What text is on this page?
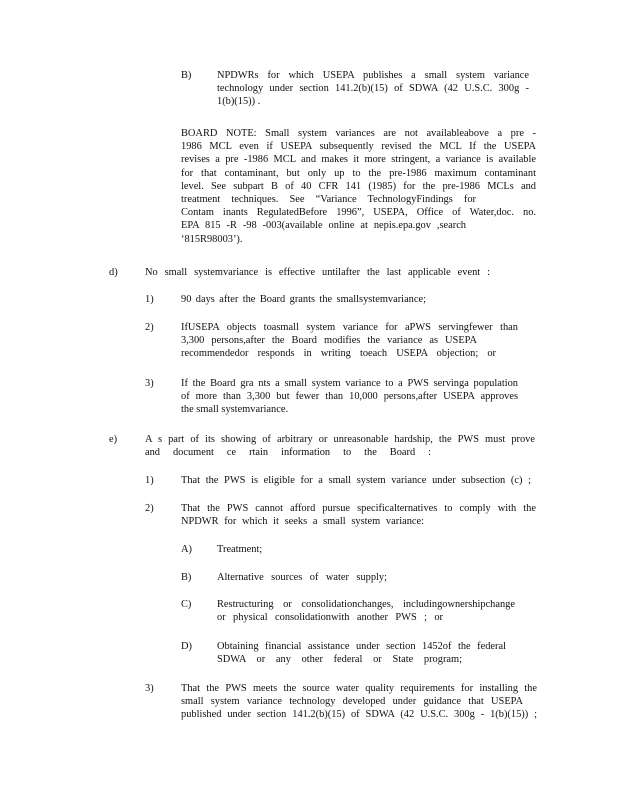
B) NPDWRs for which USEPA publishes a small system variance
technology under section 141.2(b)(15) of SDWA (42 U.S.C. 300g -
1(b)(15)) .
BOARD NOTE: Small system variances are not availableabove a pre -
1986 MCL even if USEPA subsequently revised the MCL If the USEPA
revises a pre -1986 MCL and makes it more stringent, a variance is available
for that contaminant, but only up to the pre-1986 maximum contaminant
level. See subpart B of 40 CFR 141 (1985) for the pre-1986 MCLs and
treatment techniques. See “Variance TechnologyFindings for
Contam inants RegulatedBefore 1996”, USEPA, Office of Water,doc. no.
EPA 815 -R -98 -003(available online at nepis.epa.gov ,search
‘815R98003’).
d)	No small systemvariance is effective untilafter the last applicable event :
1)	90 days after the Board grants the smallsystemvariance;
2)	IfUSEPA objects toasmall system variance for aPWS servingfewer than
3,300 persons,after the Board modifies the variance as USEPA
recommendedor responds in writing toeach USEPA objection; or
3)	If the Board gra nts a small system variance to a PWS servinga population
of more than 3,300 but fewer than 10,000 persons,after USEPA approves
the small systemvariance.
e)	A s part of its showing of arbitrary or unreasonable hardship, the PWS must prove
and document ce rtain information to the Board :
1)	That the PWS is eligible for a small system variance under subsection (c) ;
2)	That the PWS cannot afford pursue specificalternatives to comply with the
NPDWR for which it seeks a small system variance:
A) Treatment;
B) Alternative sources of water supply;
C) Restructuring or consolidationchanges, includingownershipchange
or physical consolidationwith another PWS ; or
D) Obtaining financial assistance under section 1452of the federal
SDWA or any other federal or State program;
3)	That the PWS meets the source water quality requirements for installing the
small system variance technology developed under guidance that USEPA
published under section 141.2(b)(15) of SDWA (42 U.S.C. 300g - 1(b)(15)) ;
